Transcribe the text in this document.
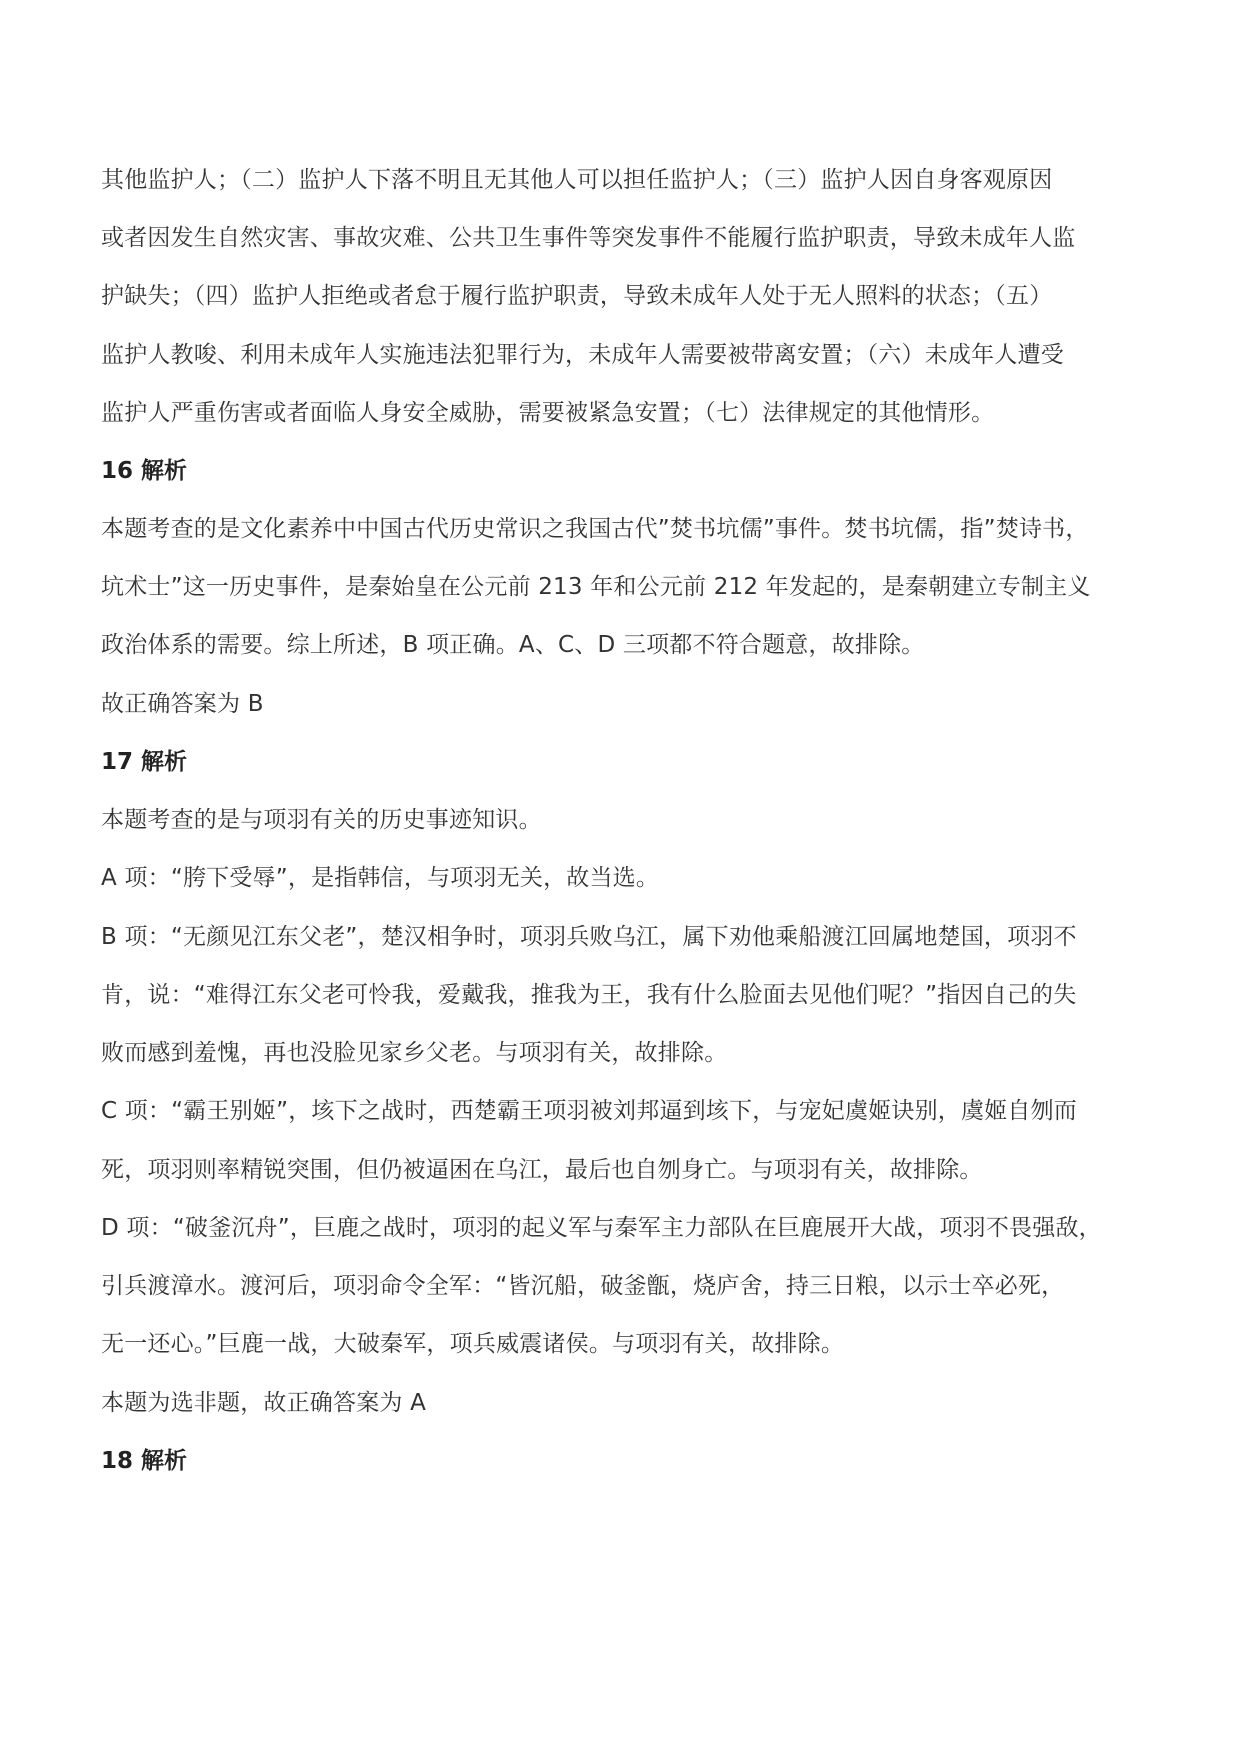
其他监护人；（二）监护人下落不明且无其他人可以担任监护人；（三）监护人因自身客观原因
或者因发生自然灾害、事故灾难、公共卫生事件等突发事件不能履行监护职责，导致未成年人监
护缺失；（四）监护人拒绝或者怠于履行监护职责，导致未成年人处于无人照料的状态；（五）
监护人教唆、利用未成年人实施违法犯罪行为，未成年人需要被带离安置；（六）未成年人遭受
监护人严重伤害或者面临人身安全威胁，需要被紧急安置；（七）法律规定的其他情形。
16 解析
本题考查的是文化素养中中国古代历史常识之我国古代”焚书坑儒”事件。焚书坑儒，指”焚诗书，
坑术士”这一历史事件，是秦始皇在公元前 213 年和公元前 212 年发起的，是秦朝建立专制主义
政治体系的需要。综上所述，B 项正确。A、C、D 三项都不符合题意，故排除。
故正确答案为 B
17 解析
本题考查的是与项羽有关的历史事迹知识。
A 项：“胯下受辱”，是指韩信，与项羽无关，故当选。
B 项：“无颜见江东父老”，楚汉相争时，项羽兵败乌江，属下劝他乘船渡江回属地楚国，项羽不
肯，说：“难得江东父老可怜我，爱戴我，推我为王，我有什么脸面去见他们呢？”指因自己的失
败而感到羞愧，再也没脸见家乡父老。与项羽有关，故排除。
C 项：“霸王别姬”，垓下之战时，西楚霸王项羽被刘邦逼到垓下，与宠妃虞姬诀别，虞姬自刎而
死，项羽则率精锐突围，但仍被逼困在乌江，最后也自刎身亡。与项羽有关，故排除。
D 项：“破釜沉舟”，巨鹿之战时，项羽的起义军与秦军主力部队在巨鹿展开大战，项羽不畏强敌，
引兵渡漳水。渡河后，项羽命令全军：“皆沉船，破釜甑，烧庐舍，持三日粮，以示士卒必死，
无一还心。”巨鹿一战，大破秦军，项兵威震诸侯。与项羽有关，故排除。
本题为选非题，故正确答案为 A
18 解析
